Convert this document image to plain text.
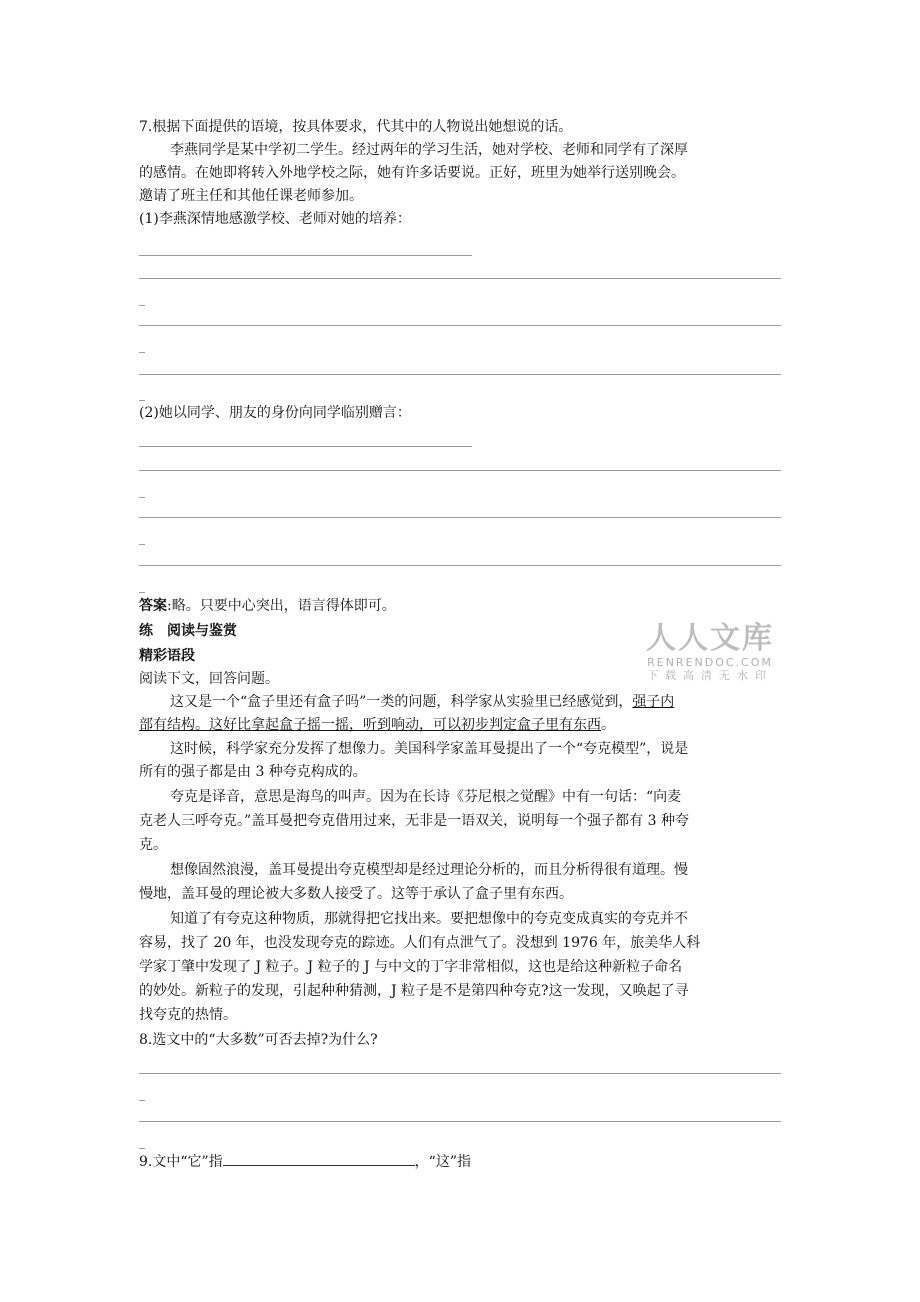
7.根据下面提供的语境，按具体要求，代其中的人物说出她想说的话。
李燕同学是某中学初二学生。经过两年的学习生活，她对学校、老师和同学有了深厚
的感情。在她即将转入外地学校之际，她有许多话要说。正好，班里为她举行送别晚会。
邀请了班主任和其他任课老师参加。
(1)李燕深情地感激学校、老师对她的培养：
_
_
_
(2)她以同学、朋友的身份向同学临别赠言：
_
_
_
答案:略。只要中心突出，语言得体即可。
练　阅读与鉴赏
精彩语段
阅读下文，回答问题。
这又是一个“盒子里还有盒子吗”一类的问题，科学家从实验里已经感觉到，强子内
部有结构。这好比拿起盒子摇一摇，听到响动，可以初步判定盒子里有东西。
这时候，科学家充分发挥了想像力。美国科学家盖耳曼提出了一个“夸克模型”，说是
所有的强子都是由 3 种夸克构成的。
夸克是译音，意思是海鸟的叫声。因为在长诗《芬尼根之觉醒》中有一句话：“向麦
克老人三呼夸克。”盖耳曼把夸克借用过来，无非是一语双关，说明每一个强子都有 3 种夸
克。
想像固然浪漫，盖耳曼提出夸克模型却是经过理论分析的，而且分析得很有道理。慢
慢地，盖耳曼的理论被大多数人接受了。这等于承认了盒子里有东西。
知道了有夸克这种物质，那就得把它找出来。要把想像中的夸克变成真实的夸克并不
容易，找了 20 年，也没发现夸克的踪迹。人们有点泄气了。没想到 1976 年，旅美华人科
学家丁肇中发现了 J 粒子。J 粒子的 J 与中文的丁字非常相似，这也是给这种新粒子命名
的妙处。新粒子的发现，引起种种猜测，J 粒子是不是第四种夸克?这一发现，又唤起了寻
找夸克的热情。
8.选文中的“大多数”可否去掉?为什么?
_
_
9.文中“它”指	，“这”指
人人文库
RENRENDOC.COM
下载高清无水印
